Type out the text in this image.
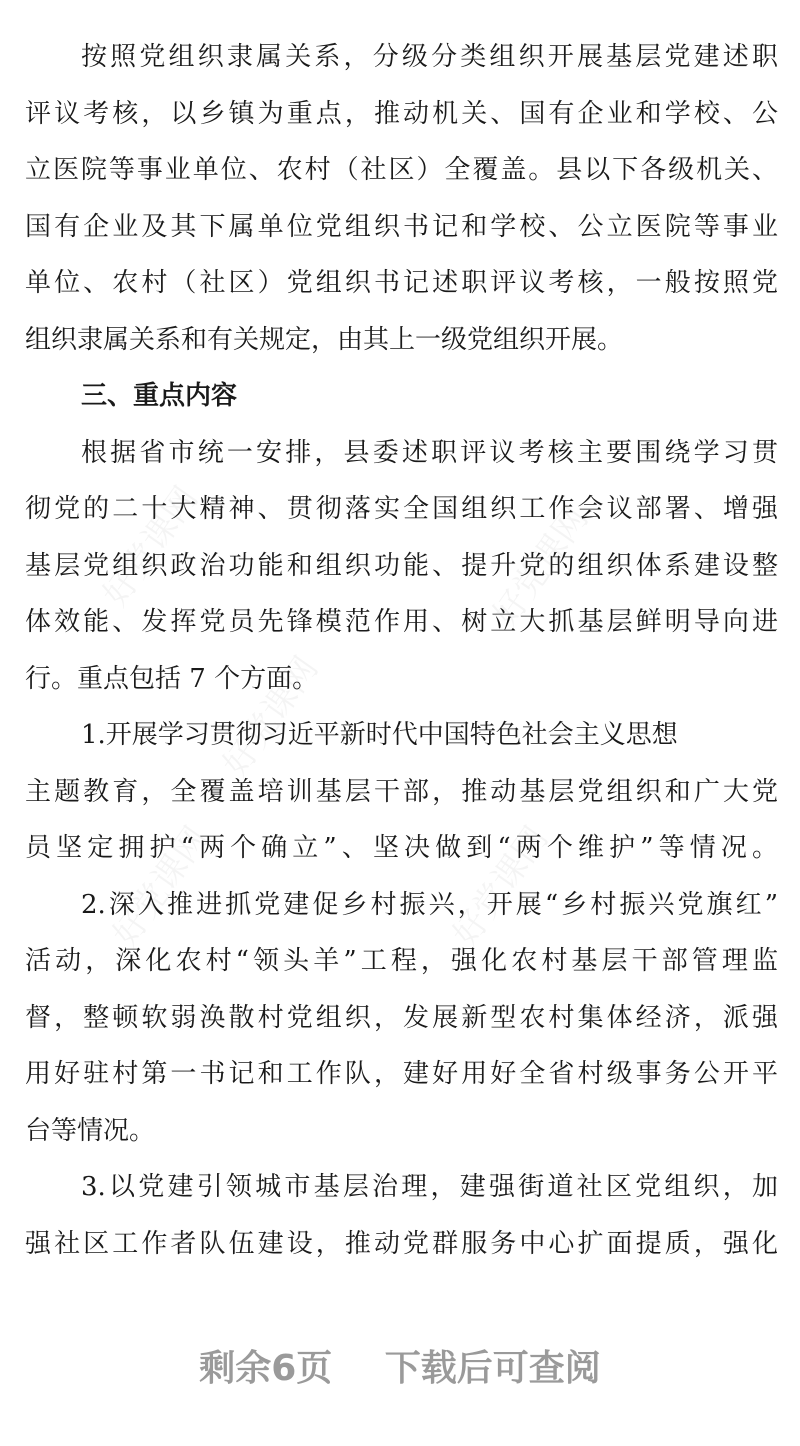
按照党组织隶属关系，分级分类组织开展基层党建述职
评议考核，以乡镇为重点，推动机关、国有企业和学校、公
立医院等事业单位、农村（社区）全覆盖。县以下各级机关、
国有企业及其下属单位党组织书记和学校、公立医院等事业
单位、农村（社区）党组织书记述职评议考核，一般按照党
组织隶属关系和有关规定，由其上一级党组织开展。
三、重点内容
根据省市统一安排，县委述职评议考核主要围绕学习贯
彻党的二十大精神、贯彻落实全国组织工作会议部署、增强
基层党组织政治功能和组织功能、提升党的组织体系建设整
体效能、发挥党员先锋模范作用、树立大抓基层鲜明导向进
行。重点包括 7 个方面。
1.开展学习贯彻习近平新时代中国特色社会主义思想
主题教育，全覆盖培训基层干部，推动基层党组织和广大党
员坚定拥护“两个确立”、坚决做到“两个维护”等情况。
2.深入推进抓党建促乡村振兴，开展“乡村振兴党旗红”
活动，深化农村“领头羊”工程，强化农村基层干部管理监
督，整顿软弱涣散村党组织，发展新型农村集体经济，派强
用好驻村第一书记和工作队，建好用好全省村级事务公开平
台等情况。
3.以党建引领城市基层治理，建强街道社区党组织，加
强社区工作者队伍建设，推动党群服务中心扩面提质，强化
剩余6页 下载后可查阅
